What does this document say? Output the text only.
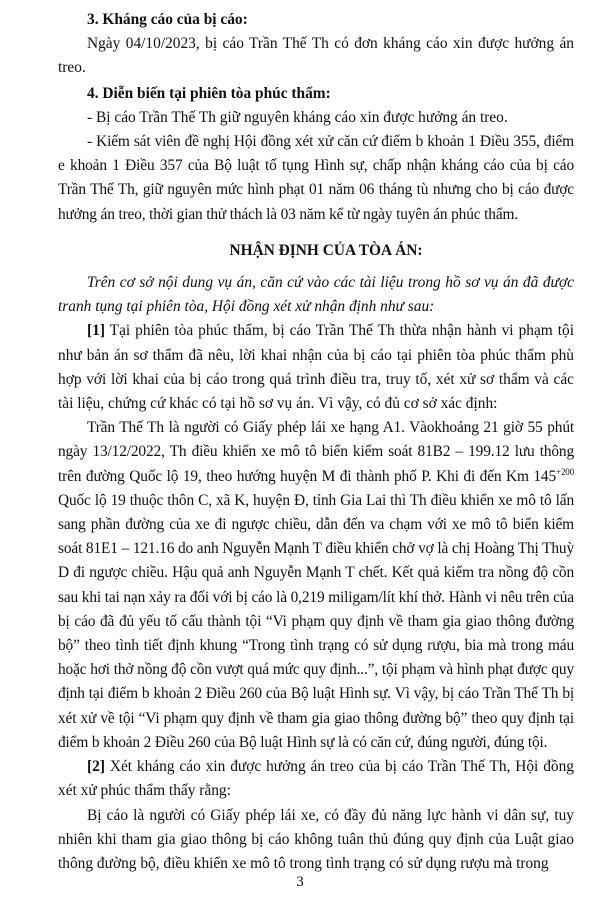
3. Kháng cáo của bị cáo:

Ngày 04/10/2023, bị cáo Trần Thế Th có đơn kháng cáo xin được hưởng án treo.

4. Diễn biến tại phiên tòa phúc thẩm:

- Bị cáo Trần Thế Th giữ nguyên kháng cáo xin được hưởng án treo.

- Kiểm sát viên đề nghị Hội đồng xét xử căn cứ điểm b khoản 1 Điều 355, điểm e khoản 1 Điều 357 của Bộ luật tố tụng Hình sự, chấp nhận kháng cáo của bị cáo Trần Thế Th, giữ nguyên mức hình phạt 01 năm 06 tháng tù nhưng cho bị cáo được hưởng án treo, thời gian thử thách là 03 năm kể từ ngày tuyên án phúc thẩm.

NHẬN ĐỊNH CỦA TÒA ÁN:

Trên cơ sở nội dung vụ án, căn cứ vào các tài liệu trong hồ sơ vụ án đã được tranh tụng tại phiên tòa, Hội đồng xét xử nhận định như sau:

[1] Tại phiên tòa phúc thẩm, bị cáo Trần Thế Th thừa nhận hành vi phạm tội như bản án sơ thẩm đã nêu, lời khai nhận của bị cáo tại phiên tòa phúc thẩm phù hợp với lời khai của bị cáo trong quá trình điều tra, truy tố, xét xử sơ thẩm và các tài liệu, chứng cứ khác có tại hồ sơ vụ án. Vì vậy, có đủ cơ sở xác định:

Trần Thế Th là người có Giấy phép lái xe hạng A1. Vàokhoảng 21 giờ 55 phút ngày 13/12/2022, Th điều khiển xe mô tô biển kiểm soát 81B2 – 199.12 lưu thông trên đường Quốc lộ 19, theo hướng huyện M đi thành phố P. Khi đi đến Km $145^{+200}$ Quốc lộ 19 thuộc thôn C, xã K, huyện Đ, tỉnh Gia Lai thì Th điều khiển xe mô tô lấn sang phần đường của xe đi ngược chiều, dẫn đến va chạm với xe mô tô biển kiểm soát 81E1 – 121.16 do anh Nguyễn Mạnh T điều khiển chở vợ là chị Hoàng Thị Thuỳ D đi ngược chiều. Hậu quả anh Nguyễn Mạnh T chết. Kết quả kiểm tra nồng độ cồn sau khi tai nạn xảy ra đối với bị cáo là 0,219 miligam/lít khí thở. Hành vi nêu trên của bị cáo đã đủ yếu tố cấu thành tội “Vi phạm quy định về tham gia giao thông đường bộ” theo tình tiết định khung “Trong tình trạng có sử dụng rượu, bia mà trong máu hoặc hơi thở nồng độ cồn vượt quá mức quy định...”, tội phạm và hình phạt được quy định tại điểm b khoản 2 Điều 260 của Bộ luật Hình sự. Vì vậy, bị cáo Trần Thế Th bị xét xử về tội “Vi phạm quy định về tham gia giao thông đường bộ” theo quy định tại điểm b khoản 2 Điều 260 của Bộ luật Hình sự là có căn cứ, đúng người, đúng tội.

[2] Xét kháng cáo xin được hưởng án treo của bị cáo Trần Thế Th, Hội đồng xét xử phúc thẩm thấy rằng:

Bị cáo là người có Giấy phép lái xe, có đầy đủ năng lực hành vi dân sự, tuy nhiên khi tham gia giao thông bị cáo không tuân thủ đúng quy định của Luật giao thông đường bộ, điều khiển xe mô tô trong tình trạng có sử dụng rượu mà trong

3
